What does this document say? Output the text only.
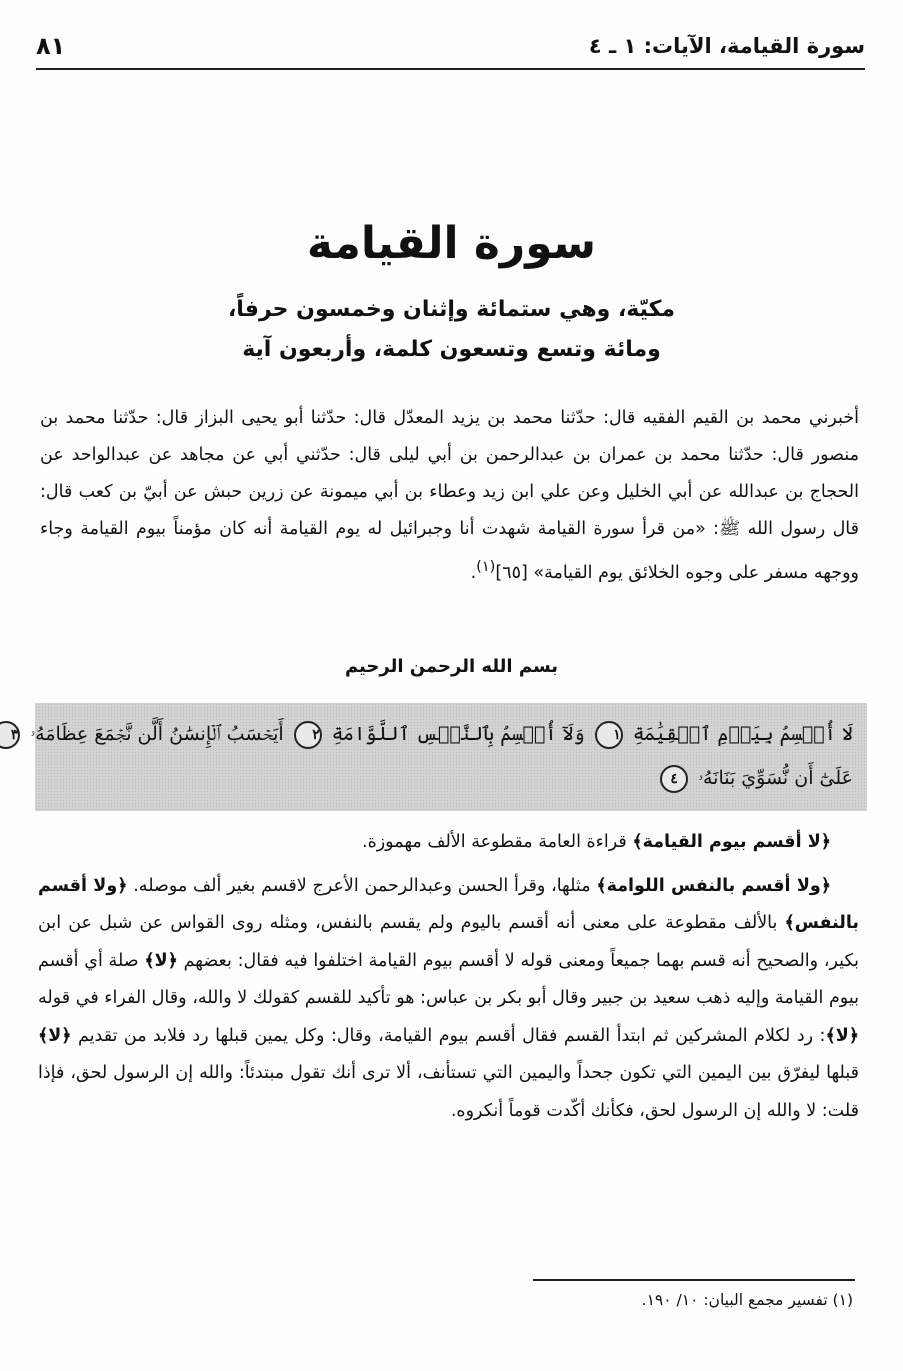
سورة القيامة، الآيات: ١ ـ ٤
٨١
سورة القيامة
مكيّة، وهي ستمائة وإثنان وخمسون حرفاً،
ومائة وتسع وتسعون كلمة، وأربعون آية

أخبرني محمد بن القيم الفقيه قال: حدّثنا محمد بن يزيد المعدّل قال: حدّثنا أبو يحيى البزاز قال: حدّثنا محمد بن منصور قال: حدّثنا محمد بن عمران بن عبدالرحمن بن أبي ليلى قال: حدّثني أبي عن مجاهد عن عبدالواحد عن الحجاج بن عبدالله عن أبي الخليل وعن علي ابن زيد وعطاء بن أبي ميمونة عن زرين حبش عن أبيّ بن كعب قال: قال رسول الله ﷺ: «من قرأ سورة القيامة شهدت أنا وجبرائيل له يوم القيامة أنه كان مؤمناً بيوم القيامة وجاء ووجهه مسفر على وجوه الخلائق يوم القيامة» [٦٥]$^{(١)}$.

بسم الله الرحمن الرحيم
لَا أُقۡسِمُ بِيَوۡمِ ٱلۡقِيَٰمَةِ ١ وَلَآ أُقۡسِمُ بِٱلنَّفۡسِ ٱللَّوَّامَةِ ٢ أَيَحۡسَبُ ٱلۡإِنسَٰنُ أَلَّن نَّجۡمَعَ عِظَامَهُۥ ٣
عَلَىٰٓ أَن نُّسَوِّيَ بَنَانَهُۥ ٤

﴿لا أقسم بيوم القيامة﴾ قراءة العامة مقطوعة الألف مهموزة.

﴿ولا أقسم بالنفس اللوامة﴾ مثلها، وقرأ الحسن وعبدالرحمن الأعرج لاقسم بغير ألف موصله. ﴿ولا أقسم بالنفس﴾ بالألف مقطوعة على معنى أنه أقسم باليوم ولم يقسم بالنفس، ومثله روى القواس عن شبل عن ابن بكير، والصحيح أنه قسم بهما جميعاً ومعنى قوله لا أقسم بيوم القيامة اختلفوا فيه فقال: بعضهم ﴿لا﴾ صلة أي أقسم بيوم القيامة وإليه ذهب سعيد بن جبير وقال أبو بكر بن عباس: هو تأكيد للقسم كقولك لا والله، وقال الفراء في قوله ﴿لا﴾: رد لكلام المشركين ثم ابتدأ القسم فقال أقسم بيوم القيامة، وقال: وكل يمين قبلها رد فلابد من تقديم ﴿لا﴾ قبلها ليفرّق بين اليمين التي تكون جحداً واليمين التي تستأنف، ألا ترى أنك تقول مبتدئاً: والله إن الرسول لحق، فإذا قلت: لا والله إن الرسول لحق، فكأنك أكّدت قوماً أنكروه.

(١) تفسير مجمع البيان: ١٠/ ١٩٠.
